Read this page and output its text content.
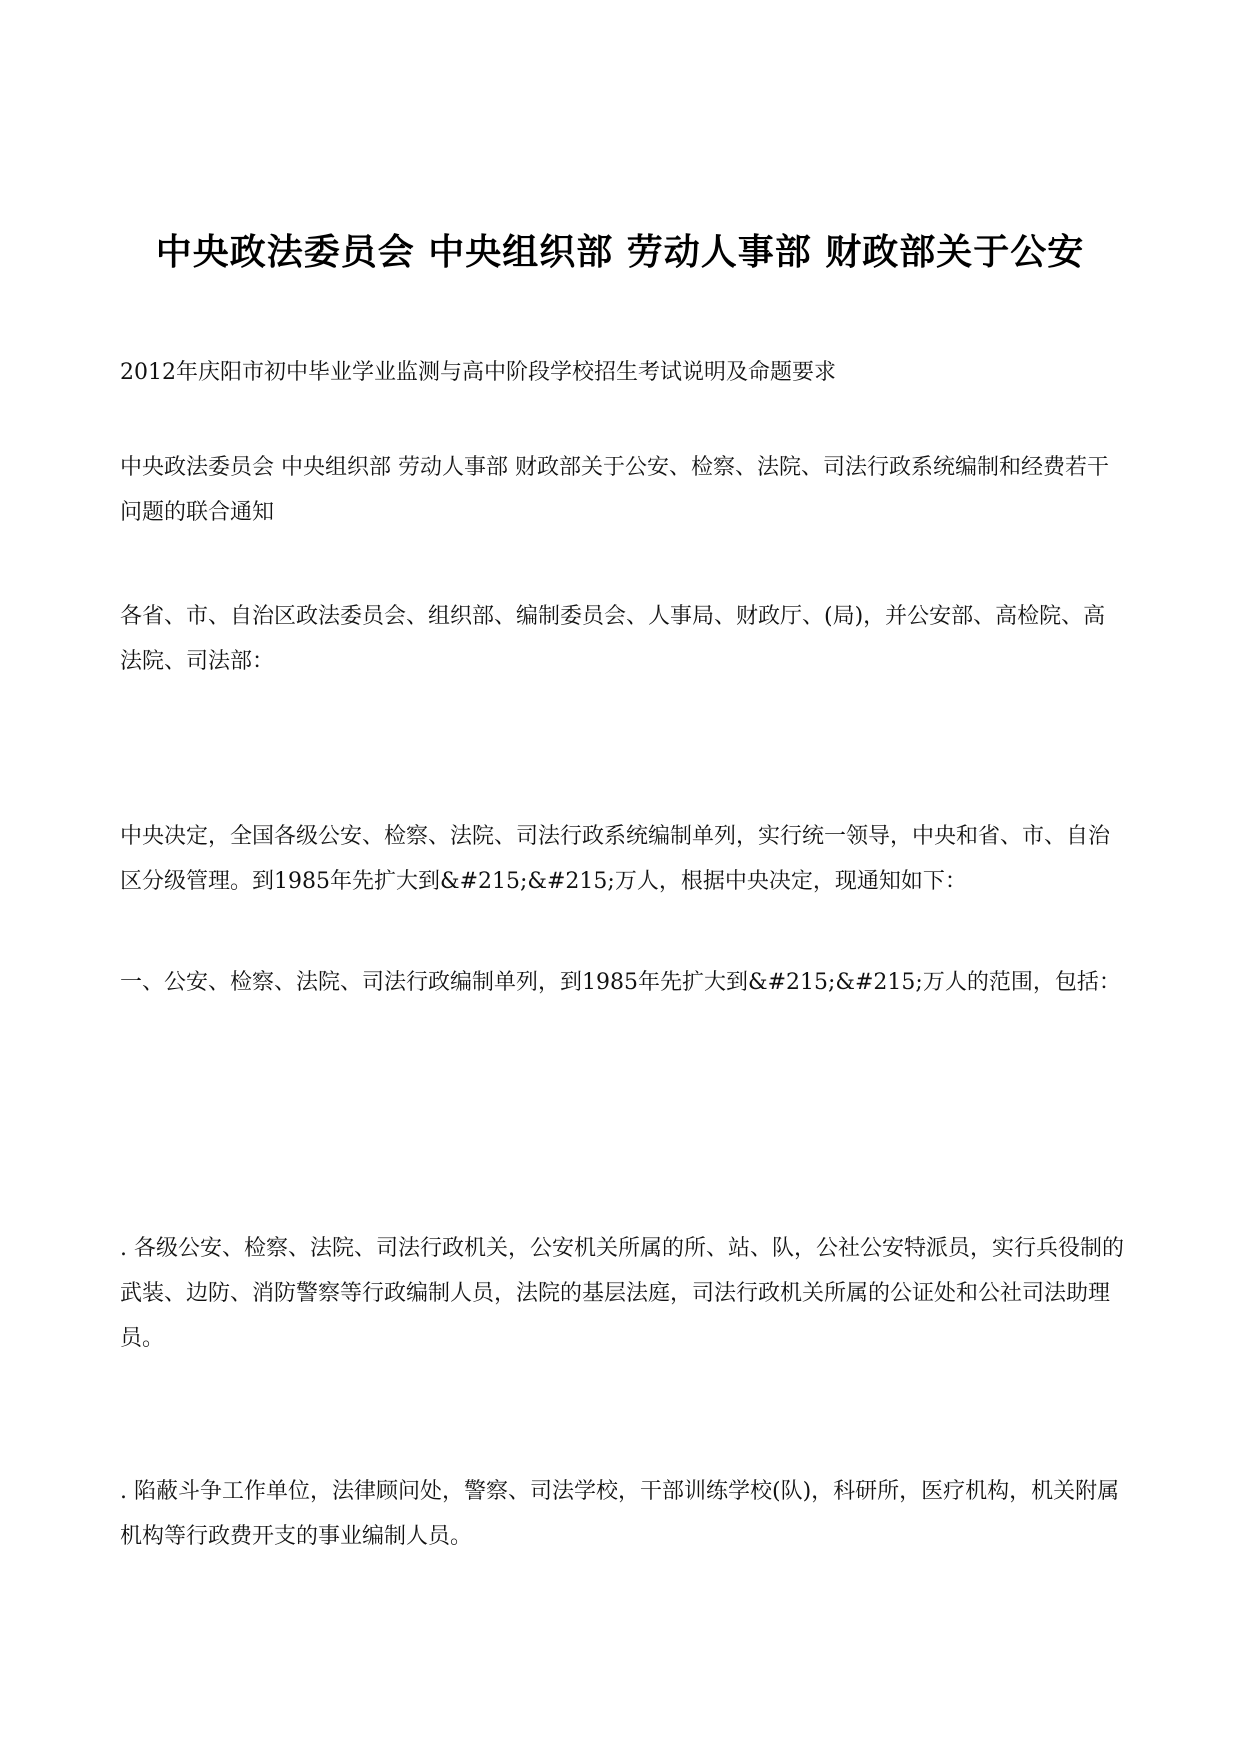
中央政法委员会 中央组织部 劳动人事部 财政部关于公安

2012年庆阳市初中毕业学业监测与高中阶段学校招生考试说明及命题要求

中央政法委员会 中央组织部 劳动人事部 财政部关于公安、检察、法院、司法行政系统编制和经费若干问题的联合通知

各省、市、自治区政法委员会、组织部、编制委员会、人事局、财政厅、(局)，并公安部、高检院、高法院、司法部：

中央决定，全国各级公安、检察、法院、司法行政系统编制单列，实行统一领导，中央和省、市、自治区分级管理。到1985年先扩大到&#215;&#215;万人，根据中央决定，现通知如下：

一、公安、检察、法院、司法行政编制单列，到1985年先扩大到&#215;&#215;万人的范围，包括：

. 各级公安、检察、法院、司法行政机关，公安机关所属的所、站、队，公社公安特派员，实行兵役制的武装、边防、消防警察等行政编制人员，法院的基层法庭，司法行政机关所属的公证处和公社司法助理员。

. 陷蔽斗争工作单位，法律顾问处，警察、司法学校，干部训练学校(队)，科研所，医疗机构，机关附属机构等行政费开支的事业编制人员。
